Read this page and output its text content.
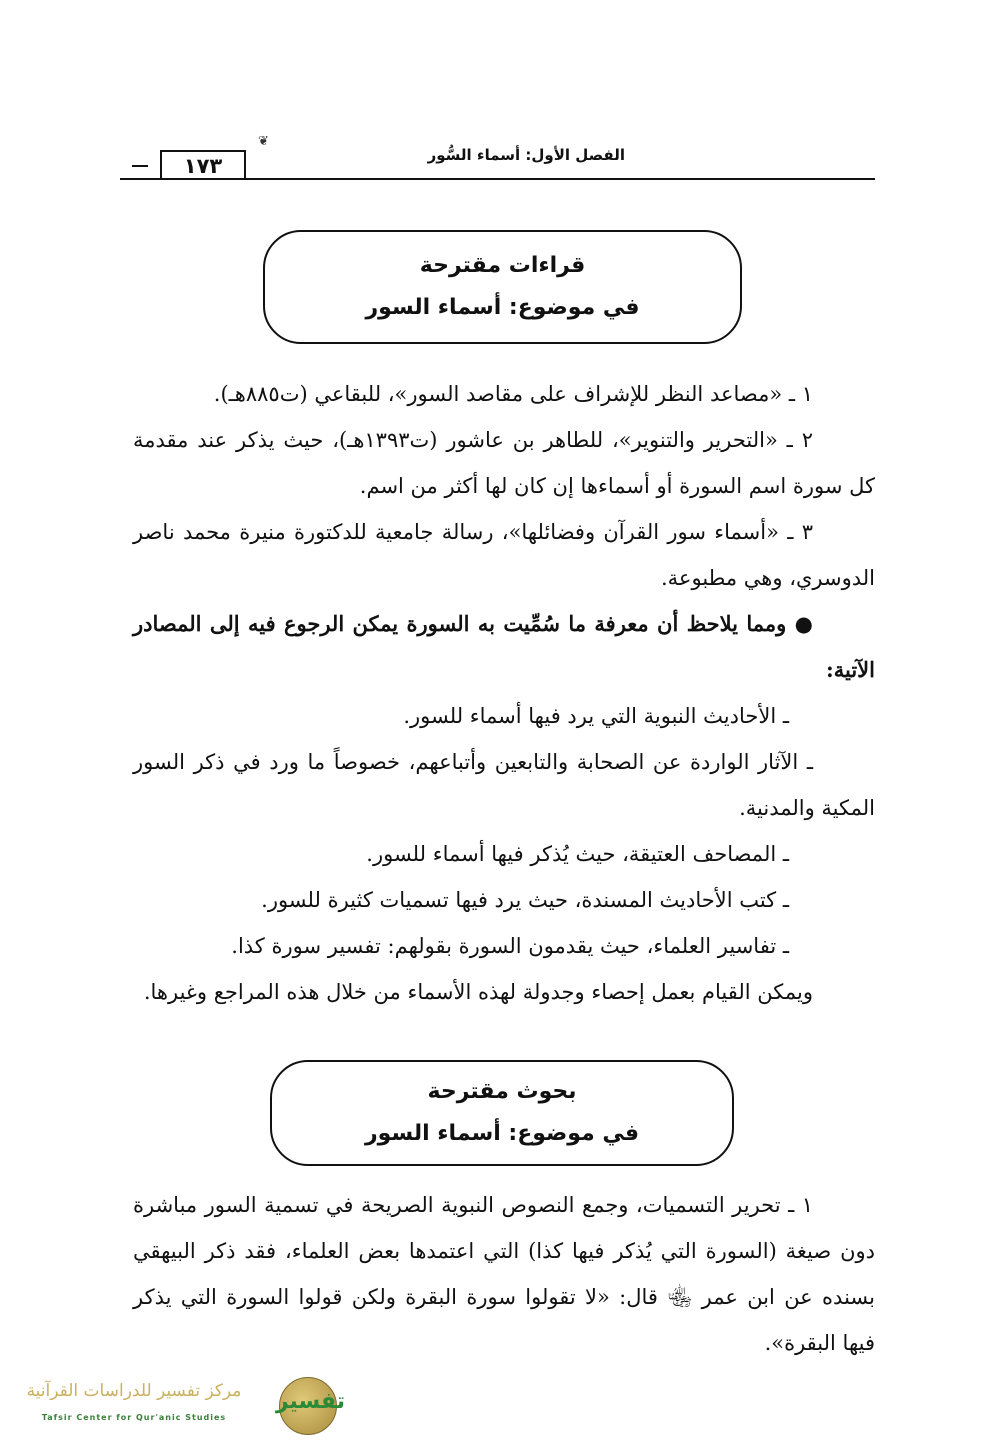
❦
١٧٣	الفصل الأول: أسماء السُّور
قراءات مقترحة
في موضوع: أسماء السور

١ ـ «مصاعد النظر للإشراف على مقاصد السور»، للبقاعي (ت٨٨٥هـ).

٢ ـ «التحرير والتنوير»، للطاهر بن عاشور (ت١٣٩٣هـ)، حيث يذكر عند مقدمة كل سورة اسم السورة أو أسماءها إن كان لها أكثر من اسم.

٣ ـ «أسماء سور القرآن وفضائلها»، رسالة جامعية للدكتورة منيرة محمد ناصر الدوسري، وهي مطبوعة.

● ومما يلاحظ أن معرفة ما سُمِّيت به السورة يمكن الرجوع فيه إلى المصادر الآتية:

ـ الأحاديث النبوية التي يرد فيها أسماء للسور.

ـ الآثار الواردة عن الصحابة والتابعين وأتباعهم، خصوصاً ما ورد في ذكر السور المكية والمدنية.

ـ المصاحف العتيقة، حيث يُذكر فيها أسماء للسور.

ـ كتب الأحاديث المسندة، حيث يرد فيها تسميات كثيرة للسور.

ـ تفاسير العلماء، حيث يقدمون السورة بقولهم: تفسير سورة كذا.

ويمكن القيام بعمل إحصاء وجدولة لهذه الأسماء من خلال هذه المراجع وغيرها.

بحوث مقترحة
في موضوع: أسماء السور

١ ـ تحرير التسميات، وجمع النصوص النبوية الصريحة في تسمية السور مباشرة دون صيغة (السورة التي يُذكر فيها كذا) التي اعتمدها بعض العلماء، فقد ذكر البيهقي بسنده عن ابن عمر ﵄ قال: «لا تقولوا سورة البقرة ولكن قولوا السورة التي يذكر فيها البقرة».

تفسير
مركز تفسير للدراسات القرآنية
Tafsir Center for Qur'anic Studies
